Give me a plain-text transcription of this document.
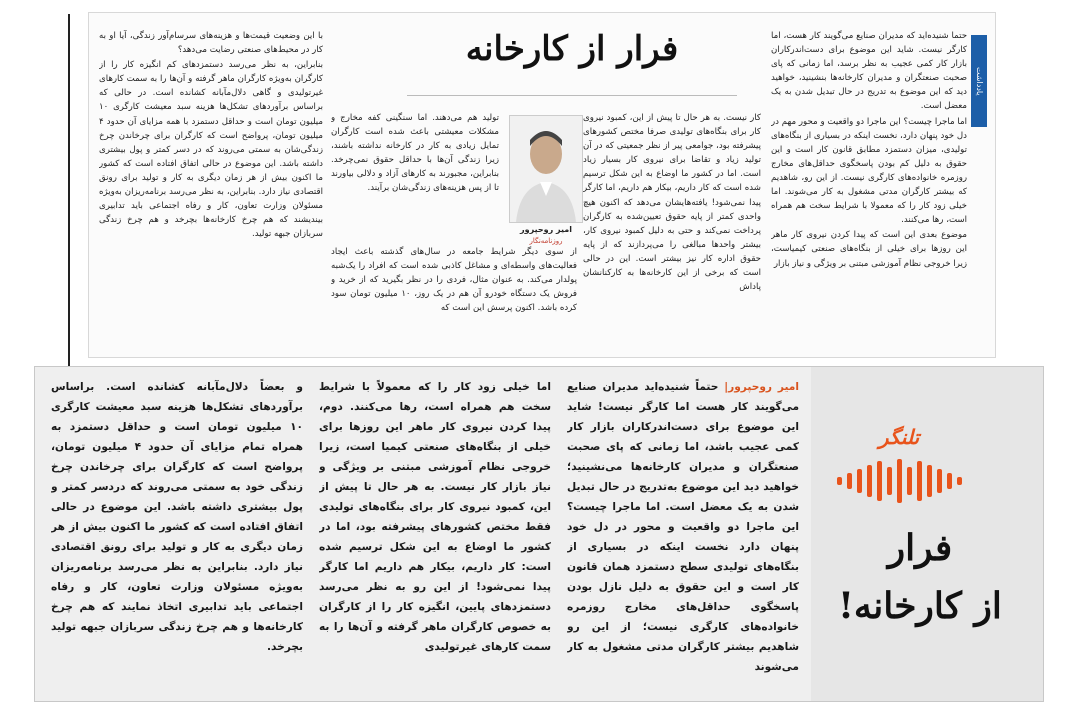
یادداشت

حتما شنیده‌اید که مدیران صنایع می‌گویند کار هست، اما کارگر نیست. شاید این موضوع برای دست‌اندرکاران بازار کار کمی عجیب به نظر برسد، اما زمانی که پای صحبت صنعتگران و مدیران کارخانه‌ها بنشینید، خواهید دید که این موضوع به تدریج در حال تبدیل شدن به یک معضل است.

اما ماجرا چیست؟ این ماجرا دو واقعیت و محور مهم در دل خود پنهان دارد، نخست اینکه در بسیاری از بنگاه‌های تولیدی، میزان دستمزد مطابق قانون کار است و این حقوق به دلیل کم بودن پاسخگوی حداقل‌های مخارج روزمره خانواده‌های کارگری نیست. از این رو، شاهدیم که بیشتر کارگران مدتی مشغول به کار می‌شوند. اما خیلی زود کار را که معمولا با شرایط سخت هم همراه است، رها می‌کنند.

موضوع بعدی این است که پیدا کردن نیروی کار ماهر این روزها برای خیلی از بنگاه‌های صنعتی کیمیاست، زیرا خروجی نظام آموزشی مبتنی بر ویژگی و نیاز بازار

فرار از کارخانه

کار نیست. به هر حال تا پیش از این، کمبود نیروی کار برای بنگاه‌های تولیدی صرفا مختص کشورهای پیشرفته بود، جوامعی پیر از نظر جمعیتی که در آن تولید زیاد و تقاضا برای نیروی کار بسیار زیاد است. اما در کشور ما اوضاع به این شکل ترسیم شده است که کار داریم، بیکار هم داریم، اما کارگر پیدا نمی‌شود! یافته‌هایشان می‌دهد که اکنون هیچ واحدی کمتر از پایه حقوق تعیین‌شده به کارگران پرداخت نمی‌کند و حتی به دلیل کمبود نیروی کار، بیشتر واحدها مبالغی را می‌پردازند که از پایه حقوق اداره کار نیز بیشتر است. این در حالی است که برخی از این کارخانه‌ها به کارکنانشان پاداش

امیر روحپرور
روزنامه‌نگار

تولید هم می‌دهند. اما سنگینی کفه مخارج و مشکلات معیشتی باعث شده است کارگران تمایل زیادی به کار در کارخانه نداشته باشند، زیرا زندگی آن‌ها با حداقل حقوق نمی‌چرخد. بنابراین، مجبورند به کارهای آزاد و دلالی بیاورند تا از پس هزینه‌های زندگی‌شان برآیند.

از سوی دیگر شرایط جامعه در سال‌های گذشته باعث ایجاد فعالیت‌های واسطه‌ای و مشاغل کاذبی شده است که افراد را یک‌شبه پولدار می‌کند. به عنوان مثال، فردی را در نظر بگیرید که از خرید و فروش یک دستگاه خودرو آن هم در یک روز، ۱۰ میلیون تومان سود کرده باشد. اکنون پرسش این است که

با این وضعیت قیمت‌ها و هزینه‌های سرسام‌آور زندگی، آیا او به کار در محیط‌های صنعتی رضایت می‌دهد؟

بنابراین، به نظر می‌رسد دستمزدهای کم انگیزه کار را از کارگران به‌ویژه کارگران ماهر گرفته و آن‌ها را به سمت کارهای غیرتولیدی و گاهی دلال‌مآبانه کشانده است. در حالی که براساس برآوردهای تشکل‌ها هزینه سبد معیشت کارگری ۱۰ میلیون تومان است و حداقل دستمزد با همه مزایای آن حدود ۴ میلیون تومان، پرواضح است که کارگران برای چرخاندن چرخ زندگی‌شان به سمتی می‌روند که در دسر کمتر و پول بیشتری داشته باشد. این موضوع در حالی اتفاق افتاده است که کشور ما اکنون بیش از هر زمان دیگری به کار و تولید برای رونق اقتصادی نیاز دارد. بنابراین، به نظر می‌رسد برنامه‌ریزان به‌ویژه مسئولان وزارت تعاون، کار و رفاه اجتماعی باید تدابیری بیندیشند که هم چرخ کارخانه‌ها بچرخد و هم چرخ زندگی سربازان جبهه تولید.

تلنگر
فرار
از کارخانه!

امیر روحپرور| حتماً شنیده‌اید مدیران صنایع می‌گویند کار هست اما کارگر نیست! شاید این موضوع برای دست‌اندرکاران بازار کار کمی عجیب باشد، اما زمانی که پای صحبت صنعتگران و مدیران کارخانه‌ها می‌نشینید؛ خواهید دید این موضوع به‌تدریج در حال تبدیل شدن به یک معضل است. اما ماجرا چیست؟ این ماجرا دو واقعیت و محور در دل خود پنهان دارد نخست اینکه در بسیاری از بنگاه‌های تولیدی سطح دستمزد همان قانون کار است و این حقوق به دلیل نازل بودن پاسخگوی حداقل‌های مخارج روزمره خانواده‌های کارگری نیست؛ از این رو شاهدیم بیشتر کارگران مدتی مشغول به کار می‌شوند

اما خیلی زود کار را که معمولاً با شرایط سخت هم همراه است، رها می‌کنند. دوم، پیدا کردن نیروی کار ماهر این روزها برای خیلی از بنگاه‌های صنعتی کیمیا است، زیرا خروجی نظام آموزشی مبتنی بر ویژگی و نیاز بازار کار نیست. به هر حال تا پیش از این، کمبود نیروی کار برای بنگاه‌های تولیدی فقط مختص کشورهای پیشرفته بود، اما در کشور ما اوضاع به این شکل ترسیم شده است: کار داریم، بیکار هم داریم اما کارگر پیدا نمی‌شود! از این رو به نظر می‌رسد دستمزدهای پایین، انگیزه کار را از کارگران به خصوص کارگران ماهر گرفته و آن‌ها را به سمت کارهای غیرتولیدی

و بعضاً دلال‌مآبانه کشانده است. براساس برآوردهای تشکل‌ها هزینه سبد معیشت کارگری ۱۰ میلیون تومان است و حداقل دستمزد به همراه تمام مزایای آن حدود ۴ میلیون تومان، پرواضح است که کارگران برای چرخاندن چرخ زندگی خود به سمتی می‌روند که دردسر کمتر و پول بیشتری داشته باشد. این موضوع در حالی اتفاق افتاده است که کشور ما اکنون بیش از هر زمان دیگری به کار و تولید برای رونق اقتصادی نیاز دارد. بنابراین به نظر می‌رسد برنامه‌ریزان به‌ویژه مسئولان وزارت تعاون، کار و رفاه اجتماعی باید تدابیری اتخاذ نمایند که هم چرخ کارخانه‌ها و هم چرخ زندگی سربازان جبهه تولید بچرخد.
